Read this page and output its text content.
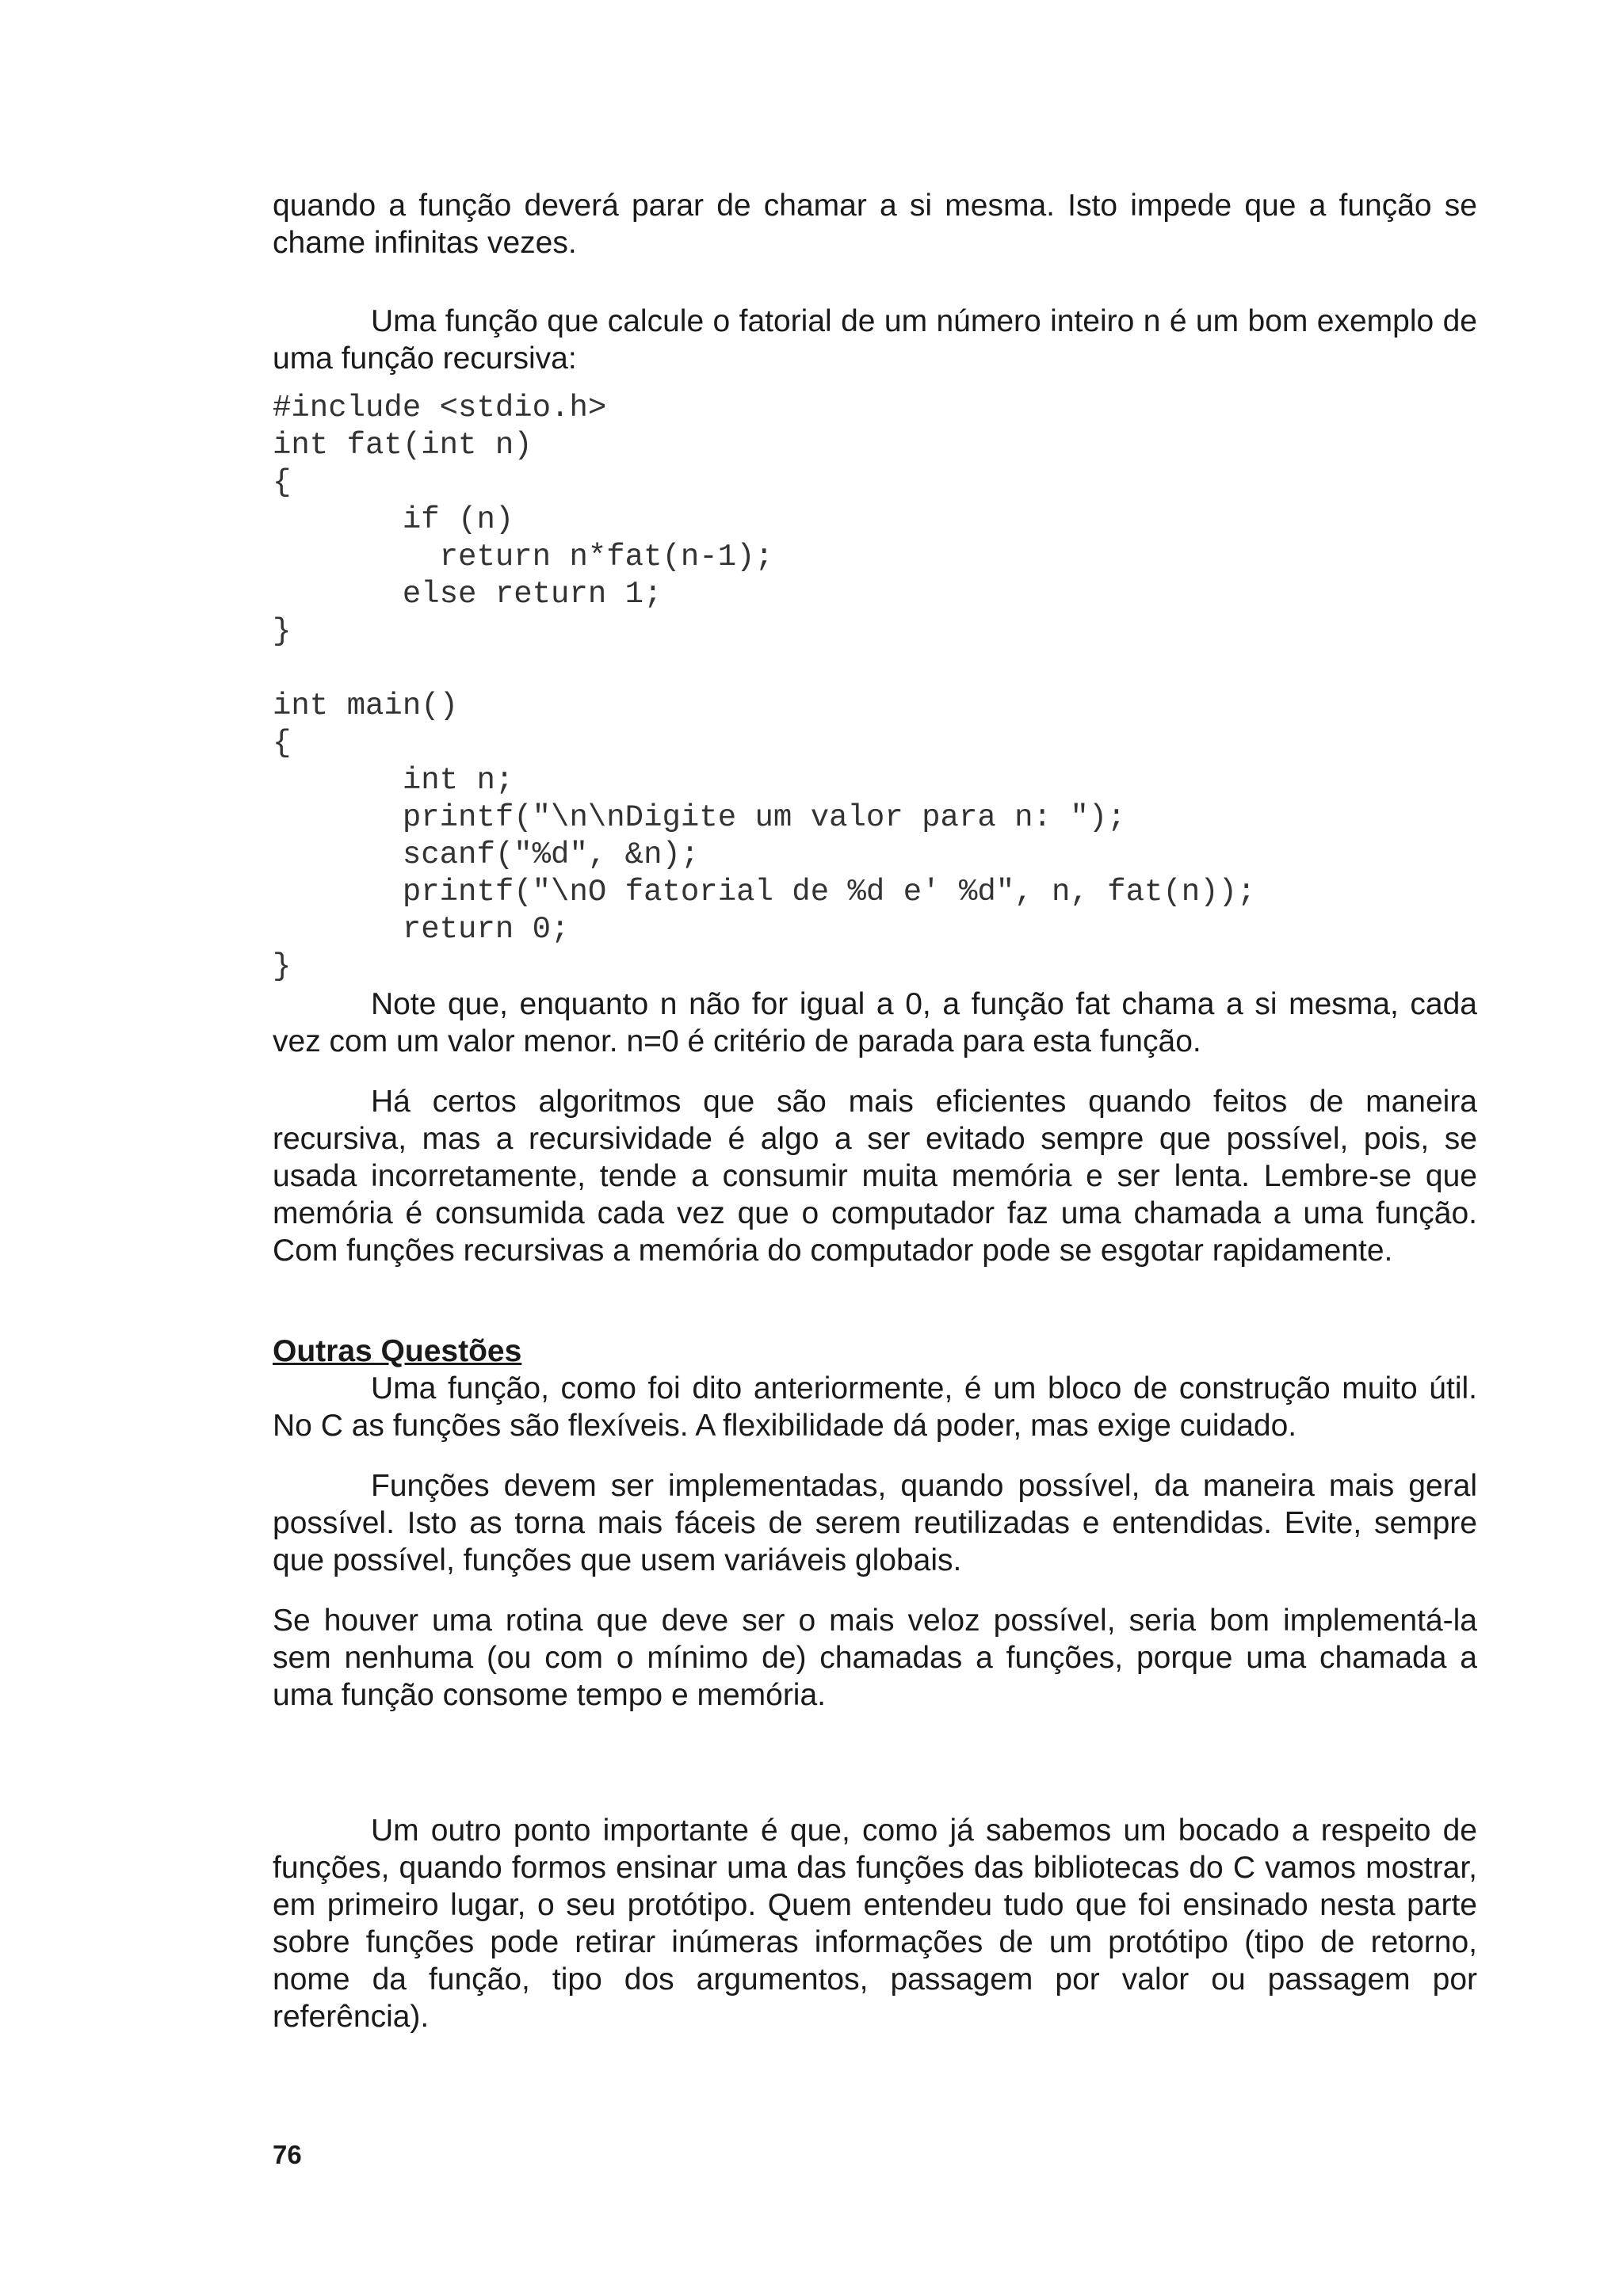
quando a função deverá parar de chamar a si mesma. Isto impede que a função se chame infinitas vezes.

Uma função que calcule o fatorial de um número inteiro n é um bom exemplo de uma função recursiva:

#include <stdio.h>
int fat(int n)
{
if (n)
return n*fat(n-1);
else return 1;
}

int main()
{
int n;
printf("\n\nDigite um valor para n: ");
scanf("%d", &n);
printf("\nO fatorial de %d e' %d", n, fat(n));
return 0;
}

Note que, enquanto n não for igual a 0, a função fat chama a si mesma, cada vez com um valor menor. n=0 é critério de parada para esta função.

Há certos algoritmos que são mais eficientes quando feitos de maneira recursiva, mas a recursividade é algo a ser evitado sempre que possível, pois, se usada incorretamente, tende a consumir muita memória e ser lenta. Lembre-se que memória é consumida cada vez que o computador faz uma chamada a uma função. Com funções recursivas a memória do computador pode se esgotar rapidamente.

Outras Questões

Uma função, como foi dito anteriormente, é um bloco de construção muito útil. No C as funções são flexíveis. A flexibilidade dá poder, mas exige cuidado.

Funções devem ser implementadas, quando possível, da maneira mais geral possível. Isto as torna mais fáceis de serem reutilizadas e entendidas. Evite, sempre que possível, funções que usem variáveis globais.

Se houver uma rotina que deve ser o mais veloz possível, seria bom implementá-la sem nenhuma (ou com o mínimo de) chamadas a funções, porque uma chamada a uma função consome tempo e memória.

Um outro ponto importante é que, como já sabemos um bocado a respeito de funções, quando formos ensinar uma das funções das bibliotecas do C vamos mostrar, em primeiro lugar, o seu protótipo. Quem entendeu tudo que foi ensinado nesta parte sobre funções pode retirar inúmeras informações de um protótipo (tipo de retorno, nome da função, tipo dos argumentos, passagem por valor ou passagem por referência).

76
